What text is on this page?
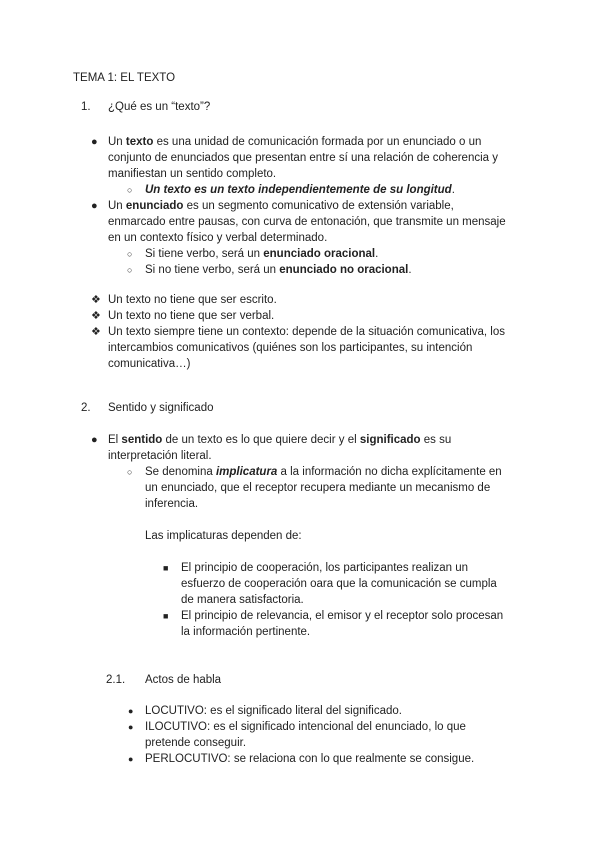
TEMA 1: EL TEXTO
1. ¿Qué es un “texto”?
● Un texto es una unidad de comunicación formada por un enunciado o un
conjunto de enunciados que presentan entre sí una relación de coherencia y
manifiestan un sentido completo.
○ Un texto es un texto independientemente de su longitud.
● Un enunciado es un segmento comunicativo de extensión variable,
enmarcado entre pausas, con curva de entonación, que transmite un mensaje
en un contexto físico y verbal determinado.
○ Si tiene verbo, será un enunciado oracional.
○ Si no tiene verbo, será un enunciado no oracional.
❖ Un texto no tiene que ser escrito.
❖ Un texto no tiene que ser verbal.
❖ Un texto siempre tiene un contexto: depende de la situación comunicativa, los
intercambios comunicativos (quiénes son los participantes, su intención
comunicativa…)
2. Sentido y significado
● El sentido de un texto es lo que quiere decir y el significado es su
interpretación literal.
○ Se denomina implicatura a la información no dicha explícitamente en
un enunciado, que el receptor recupera mediante un mecanismo de
inferencia.
Las implicaturas dependen de:
■ El principio de cooperación, los participantes realizan un
esfuerzo de cooperación oara que la comunicación se cumpla
de manera satisfactoria.
■ El principio de relevancia, el emisor y el receptor solo procesan
la información pertinente.
2.1. Actos de habla
● LOCUTIVO: es el significado literal del significado.
● ILOCUTIVO: es el significado intencional del enunciado, lo que
pretende conseguir.
● PERLOCUTIVO: se relaciona con lo que realmente se consigue.
